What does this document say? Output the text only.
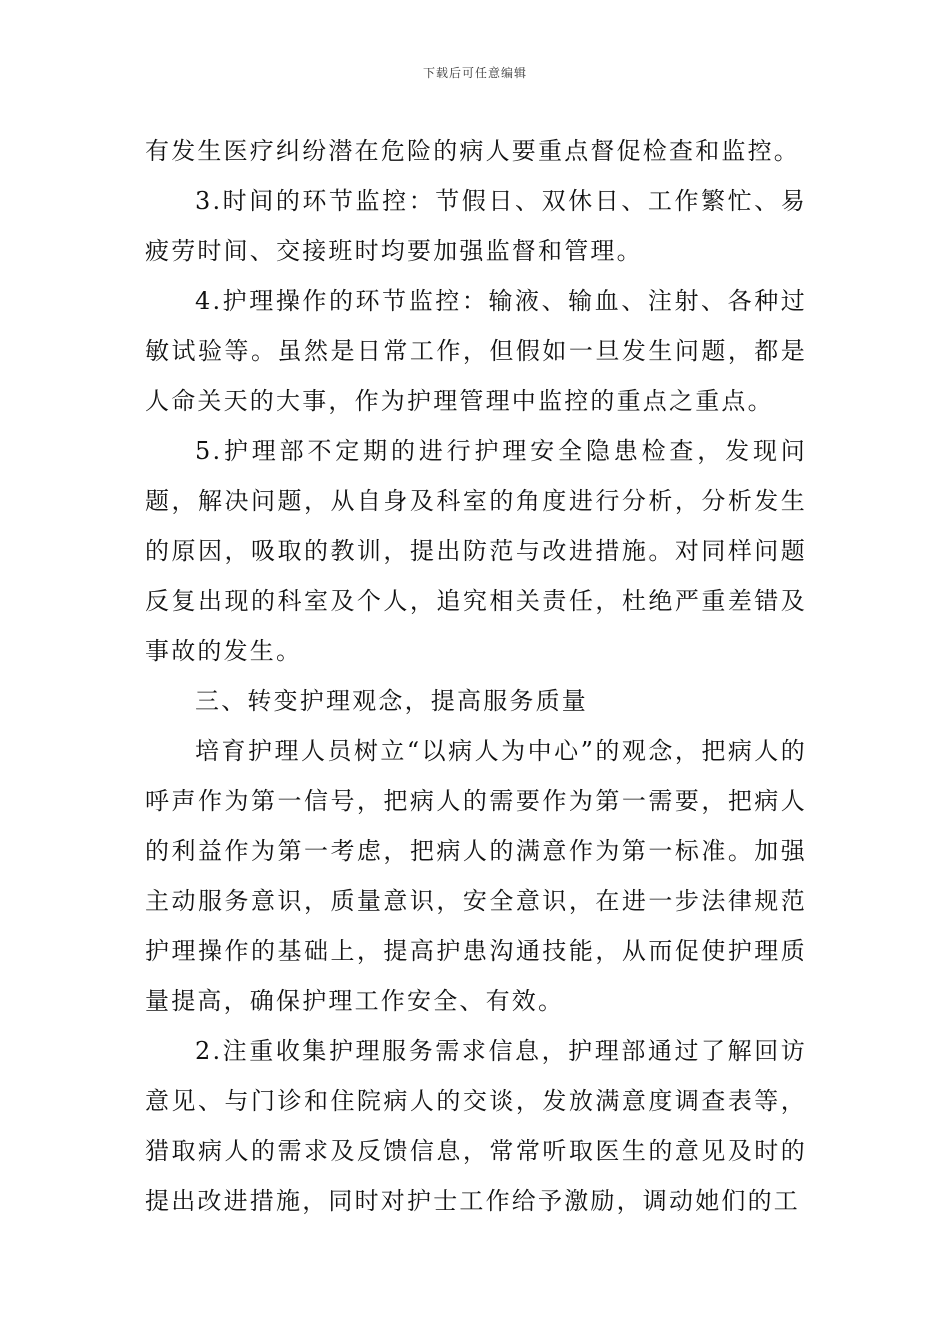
下载后可任意编辑

有发生医疗纠纷潜在危险的病人要重点督促检查和监控。

3.时间的环节监控：节假日、双休日、工作繁忙、易疲劳时间、交接班时均要加强监督和管理。

4.护理操作的环节监控：输液、输血、注射、各种过敏试验等。虽然是日常工作，但假如一旦发生问题，都是人命关天的大事，作为护理管理中监控的重点之重点。

5.护理部不定期的进行护理安全隐患检查，发现问题，解决问题，从自身及科室的角度进行分析，分析发生的原因，吸取的教训，提出防范与改进措施。对同样问题反复出现的科室及个人，追究相关责任，杜绝严重差错及事故的发生。

三、转变护理观念，提高服务质量

培育护理人员树立“以病人为中心”的观念，把病人的呼声作为第一信号，把病人的需要作为第一需要，把病人的利益作为第一考虑，把病人的满意作为第一标准。加强主动服务意识，质量意识，安全意识，在进一步法律规范护理操作的基础上，提高护患沟通技能，从而促使护理质量提高，确保护理工作安全、有效。

2.注重收集护理服务需求信息，护理部通过了解回访意见、与门诊和住院病人的交谈，发放满意度调查表等，猎取病人的需求及反馈信息，常常听取医生的意见及时的提出改进措施，同时对护士工作给予激励，调动她们的工
